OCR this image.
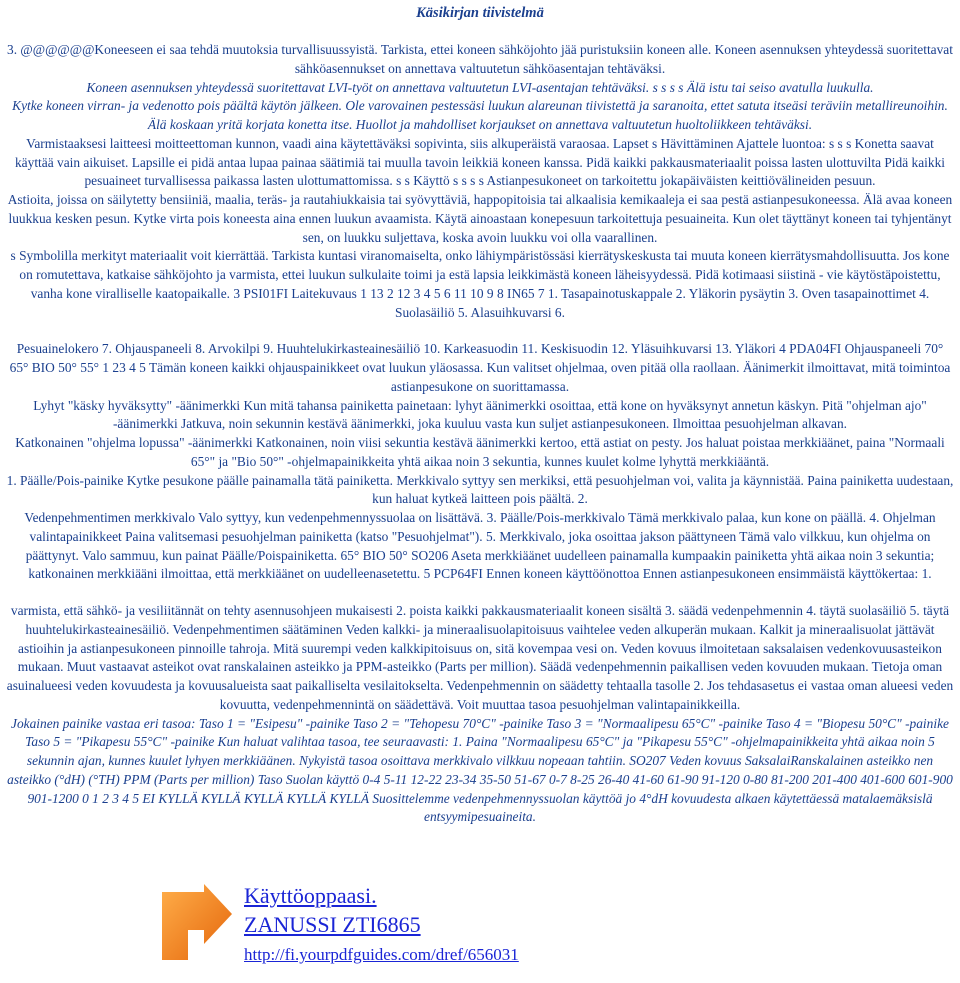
Käsikirjan tiivistelmä

3. @@@@@@Koneeseen ei saa tehdä muutoksia turvallisuussyistä. Tarkista, ettei koneen sähköjohto jää puristuksiin koneen alle. Koneen asennuksen yhteydessä suoritettavat sähköasennukset on annettava valtuutetun sähköasentajan tehtäväksi.

Koneen asennuksen yhteydessä suoritettavat LVI-työt on annettava valtuutetun LVI-asentajan tehtäväksi. s s s s Älä istu tai seiso avatulla luukulla.

Kytke koneen virran- ja vedenotto pois päältä käytön jälkeen. Ole varovainen pestessäsi luukun alareunan tiivistettä ja saranoita, ettet satuta itseäsi teräviin metallireunoihin. Älä koskaan yritä korjata konetta itse. Huollot ja mahdolliset korjaukset on annettava valtuutetun huoltoliikkeen tehtäväksi.

Varmistaaksesi laitteesi moitteettoman kunnon, vaadi aina käytettäväksi sopivinta, siis alkuperäistä varaosaa. Lapset s Hävittäminen Ajattele luontoa: s s s Konetta saavat käyttää vain aikuiset. Lapsille ei pidä antaa lupaa painaa säätimiä tai muulla tavoin leikkiä koneen kanssa. Pidä kaikki pakkausmateriaalit poissa lasten ulottuvilta Pidä kaikki pesuaineet turvallisessa paikassa lasten ulottumattomissa. s s Käyttö s s s s Astianpesukoneet on tarkoitettu jokapäiväisten keittiövälineiden pesuun.

Astioita, joissa on säilytetty bensiiniä, maalia, teräs- ja rautahiukkaisia tai syövyttäviä, happopitoisia tai alkaalisia kemikaaleja ei saa pestä astianpesukoneessa. Älä avaa koneen luukkua kesken pesun. Kytke virta pois koneesta aina ennen luukun avaamista. Käytä ainoastaan konepesuun tarkoitettuja pesuaineita. Kun olet täyttänyt koneen tai tyhjentänyt sen, on luukku suljettava, koska avoin luukku voi olla vaarallinen.

s Symbolilla merkityt materiaalit voit kierrättää. Tarkista kuntasi viranomaiselta, onko lähiympäristössäsi kierrätyskeskusta tai muuta koneen kierrätysmahdollisuutta. Jos kone on romutettava, katkaise sähköjohto ja varmista, ettei luukun sulkulaite toimi ja estä lapsia leikkimästä koneen läheisyydessä. Pidä kotimaasi siistinä - vie käytöstäpoistettu, vanha kone viralliselle kaatopaikalle. 3 PSI01FI Laitekuvaus 1 13 2 12 3 4 5 6 11 10 9 8 IN65 7 1. Tasapainotuskappale 2. Yläkorin pysäytin 3. Oven tasapainottimet 4. Suolasäiliö 5. Alasuihkuvarsi 6.

Pesuainelokero 7. Ohjauspaneeli 8. Arvokilpi 9. Huuhtelukirkasteainesäiliö 10. Karkeasuodin 11. Keskisuodin 12. Yläsuihkuvarsi 13. Yläkori 4 PDA04FI Ohjauspaneeli 70° 65° BIO 50° 55° 1 23 4 5 Tämän koneen kaikki ohjauspainikkeet ovat luukun yläosassa. Kun valitset ohjelmaa, oven pitää olla raollaan. Äänimerkit ilmoittavat, mitä toimintoa astianpesukone on suorittamassa.

Lyhyt "käsky hyväksytty" -äänimerkki Kun mitä tahansa painiketta painetaan: lyhyt äänimerkki osoittaa, että kone on hyväksynyt annetun käskyn. Pitä "ohjelman ajo" -äänimerkki Jatkuva, noin sekunnin kestävä äänimerkki, joka kuuluu vasta kun suljet astianpesukoneen. Ilmoittaa pesuohjelman alkavan.

Katkonainen "ohjelma lopussa" -äänimerkki Katkonainen, noin viisi sekuntia kestävä äänimerkki kertoo, että astiat on pesty. Jos haluat poistaa merkkiäänet, paina "Normaali 65°" ja "Bio 50°" -ohjelmapainikkeita yhtä aikaa noin 3 sekuntia, kunnes kuulet kolme lyhyttä merkkiääntä.

1. Päälle/Pois-painike Kytke pesukone päälle painamalla tätä painiketta. Merkkivalo syttyy sen merkiksi, että pesuohjelman voi, valita ja käynnistää. Paina painiketta uudestaan, kun haluat kytkeä laitteen pois päältä. 2.

Vedenpehmentimen merkkivalo Valo syttyy, kun vedenpehmennyssuolaa on lisättävä. 3. Päälle/Pois-merkkivalo Tämä merkkivalo palaa, kun kone on päällä. 4. Ohjelman valintapainikkeet Paina valitsemasi pesuohjelman painiketta (katso "Pesuohjelmat"). 5. Merkkivalo, joka osoittaa jakson päättyneen Tämä valo vilkkuu, kun ohjelma on päättynyt. Valo sammuu, kun painat Päälle/Poispainiketta. 65° BIO 50° SO206 Aseta merkkiäänet uudelleen painamalla kumpaakin painiketta yhtä aikaa noin 3 sekuntia; katkonainen merkkiääni ilmoittaa, että merkkiäänet on uudelleenasetettu. 5 PCP64FI Ennen koneen käyttöönottoa Ennen astianpesukoneen ensimmäistä käyttökertaa: 1.

varmista, että sähkö- ja vesiliitännät on tehty asennusohjeen mukaisesti 2. poista kaikki pakkausmateriaalit koneen sisältä 3. säädä vedenpehmennin 4. täytä suolasäiliö 5. täytä huuhtelukirkasteainesäiliö. Vedenpehmentimen säätäminen Veden kalkki- ja mineraalisuolapitoisuus vaihtelee veden alkuperän mukaan. Kalkit ja mineraalisuolat jättävät astioihin ja astianpesukoneen pinnoille tahroja. Mitä suurempi veden kalkkipitoisuus on, sitä kovempaa vesi on. Veden kovuus ilmoitetaan saksalaisen vedenkovuusasteikon mukaan. Muut vastaavat asteikot ovat ranskalainen asteikko ja PPM-asteikko (Parts per million). Säädä vedenpehmennin paikallisen veden kovuuden mukaan. Tietoja oman asuinalueesi veden kovuudesta ja kovuusalueista saat paikalliselta vesilaitokselta. Vedenpehmennin on säädetty tehtaalla tasolle 2. Jos tehdasasetus ei vastaa oman alueesi veden kovuutta, vedenpehmennintä on säädettävä. Voit muuttaa tasoa pesuohjelman valintapainikkeilla.

Jokainen painike vastaa eri tasoa: Taso 1 = "Esipesu" -painike Taso 2 = "Tehopesu 70°C" -painike Taso 3 = "Normaalipesu 65°C" -painike Taso 4 = "Biopesu 50°C" -painike Taso 5 = "Pikapesu 55°C" -painike Kun haluat valihtaa tasoa, tee seuraavasti: 1. Paina "Normaalipesu 65°C" ja "Pikapesu 55°C" -ohjelmapainikkeita yhtä aikaa noin 5 sekunnin ajan, kunnes kuulet lyhyen merkkiäänen. Nykyistä tasoa osoittava merkkivalo vilkkuu nopeaan tahtiin. SO207 Veden kovuus SaksalaiRanskalainen asteikko nen asteikko (°dH) (°TH) PPM (Parts per million) Taso Suolan käyttö 0-4 5-11 12-22 23-34 35-50 51-67 0-7 8-25 26-40 41-60 61-90 91-120 0-80 81-200 201-400 401-600 601-900 901-1200 0 1 2 3 4 5 EI KYLLÄ KYLLÄ KYLLÄ KYLLÄ KYLLÄ Suosittelemme vedenpehmennyssuolan käyttöä jo 4°dH kovuudesta alkaen käytettäessä matalaemäksislä entsyymipesuaineita.

Käyttöoppaasi.
ZANUSSI ZTI6865
http://fi.yourpdfguides.com/dref/656031
